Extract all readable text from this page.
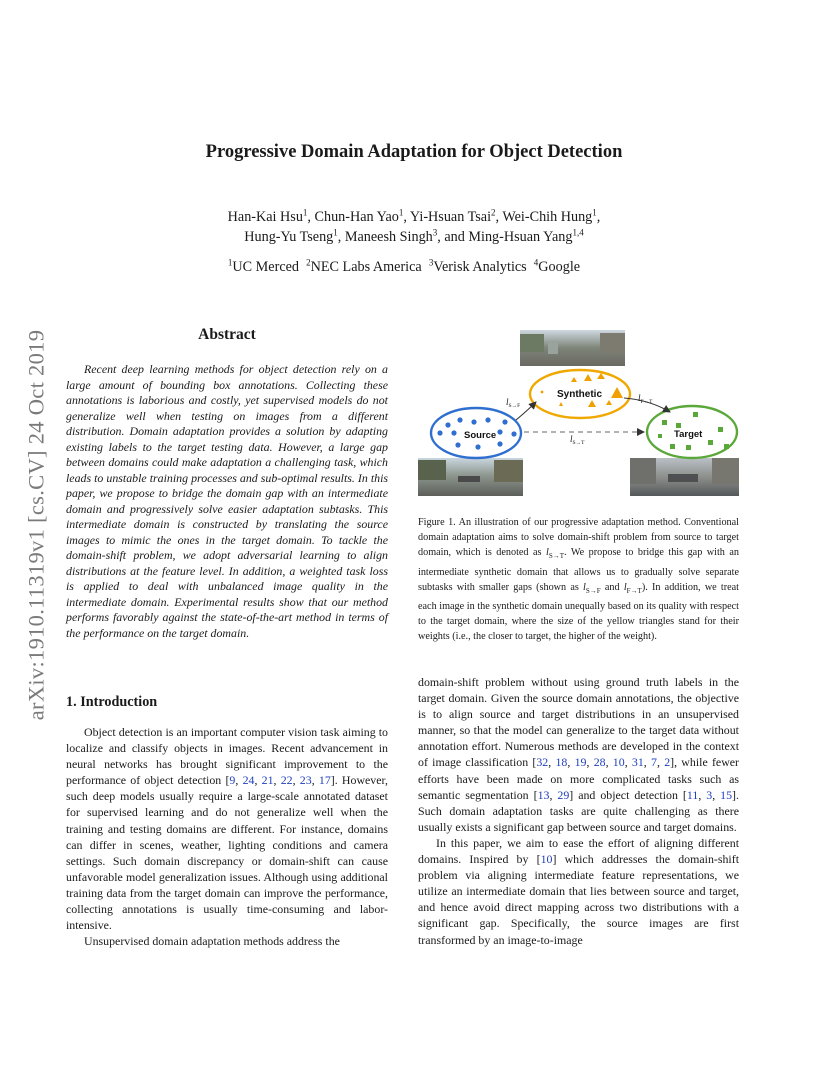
Progressive Domain Adaptation for Object Detection
Han-Kai Hsu$^1$, Chun-Han Yao$^1$, Yi-Hsuan Tsai$^2$, Wei-Chih Hung$^1$,
Hung-Yu Tseng$^1$, Maneesh Singh$^3$, and Ming-Hsuan Yang$^{1,4}$
$^1$UC Merced $^2$NEC Labs America $^3$Verisk Analytics $^4$Google
arXiv:1910.11319v1 [cs.CV] 24 Oct 2019	Abstract

Recent deep learning methods for object detection rely on a large amount of bounding box annotations. Collecting these annotations is laborious and costly, yet supervised models do not generalize well when testing on images from a different distribution. Domain adaptation provides a solution by adapting existing labels to the target testing data. However, a large gap between domains could make adaptation a challenging task, which leads to unstable training processes and sub-optimal results. In this paper, we propose to bridge the domain gap with an intermediate domain and progressively solve easier adaptation subtasks. This intermediate domain is constructed by translating the source images to mimic the ones in the target domain. To tackle the domain-shift problem, we adopt adversarial learning to align distributions at the feature level. In addition, a weighted task loss is applied to deal with unbalanced image quality in the intermediate domain. Experimental results show that our method performs favorably against the state-of-the-art method in terms of the performance on the target domain.

1. Introduction

Object detection is an important computer vision task aiming to localize and classify objects in images. Recent advancement in neural networks has brought significant improvement to the performance of object detection [9, 24, 21, 22, 23, 17]. However, such deep models usually require a large-scale annotated dataset for supervised learning and do not generalize well when the training and testing domains are different. For instance, domains can differ in scenes, weather, lighting conditions and camera settings. Such domain discrepancy or domain-shift can cause unfavorable model generalization issues. Although using additional training data from the target domain can improve the performance, collecting annotations is usually time-consuming and labor-intensive.

Unsupervised domain adaptation methods address the

Synthetic
Source	Target
$l_{S\to F}$
$l_{F\to T}$
$l_{S\to T}$

Figure 1. An illustration of our progressive adaptation method. Conventional domain adaptation aims to solve domain-shift problem from source to target domain, which is denoted as $l_{S\to T}$. We propose to bridge this gap with an intermediate synthetic domain that allows us to gradually solve separate subtasks with smaller gaps (shown as $l_{S\to F}$ and $l_{F\to T}$). In addition, we treat each image in the synthetic domain unequally based on its quality with respect to the target domain, where the size of the yellow triangles stand for their weights (i.e., the closer to target, the higher of the weight).

domain-shift problem without using ground truth labels in the target domain. Given the source domain annotations, the objective is to align source and target distributions in an unsupervised manner, so that the model can generalize to the target data without annotation effort. Numerous methods are developed in the context of image classification [32, 18, 19, 28, 10, 31, 7, 2], while fewer efforts have been made on more complicated tasks such as semantic segmentation [13, 29] and object detection [11, 3, 15]. Such domain adaptation tasks are quite challenging as there usually exists a significant gap between source and target domains.

In this paper, we aim to ease the effort of aligning different domains. Inspired by [10] which addresses the domain-shift problem via aligning intermediate feature representations, we utilize an intermediate domain that lies between source and target, and hence avoid direct mapping across two distributions with a significant gap. Specifically, the source images are first transformed by an image-to-image
